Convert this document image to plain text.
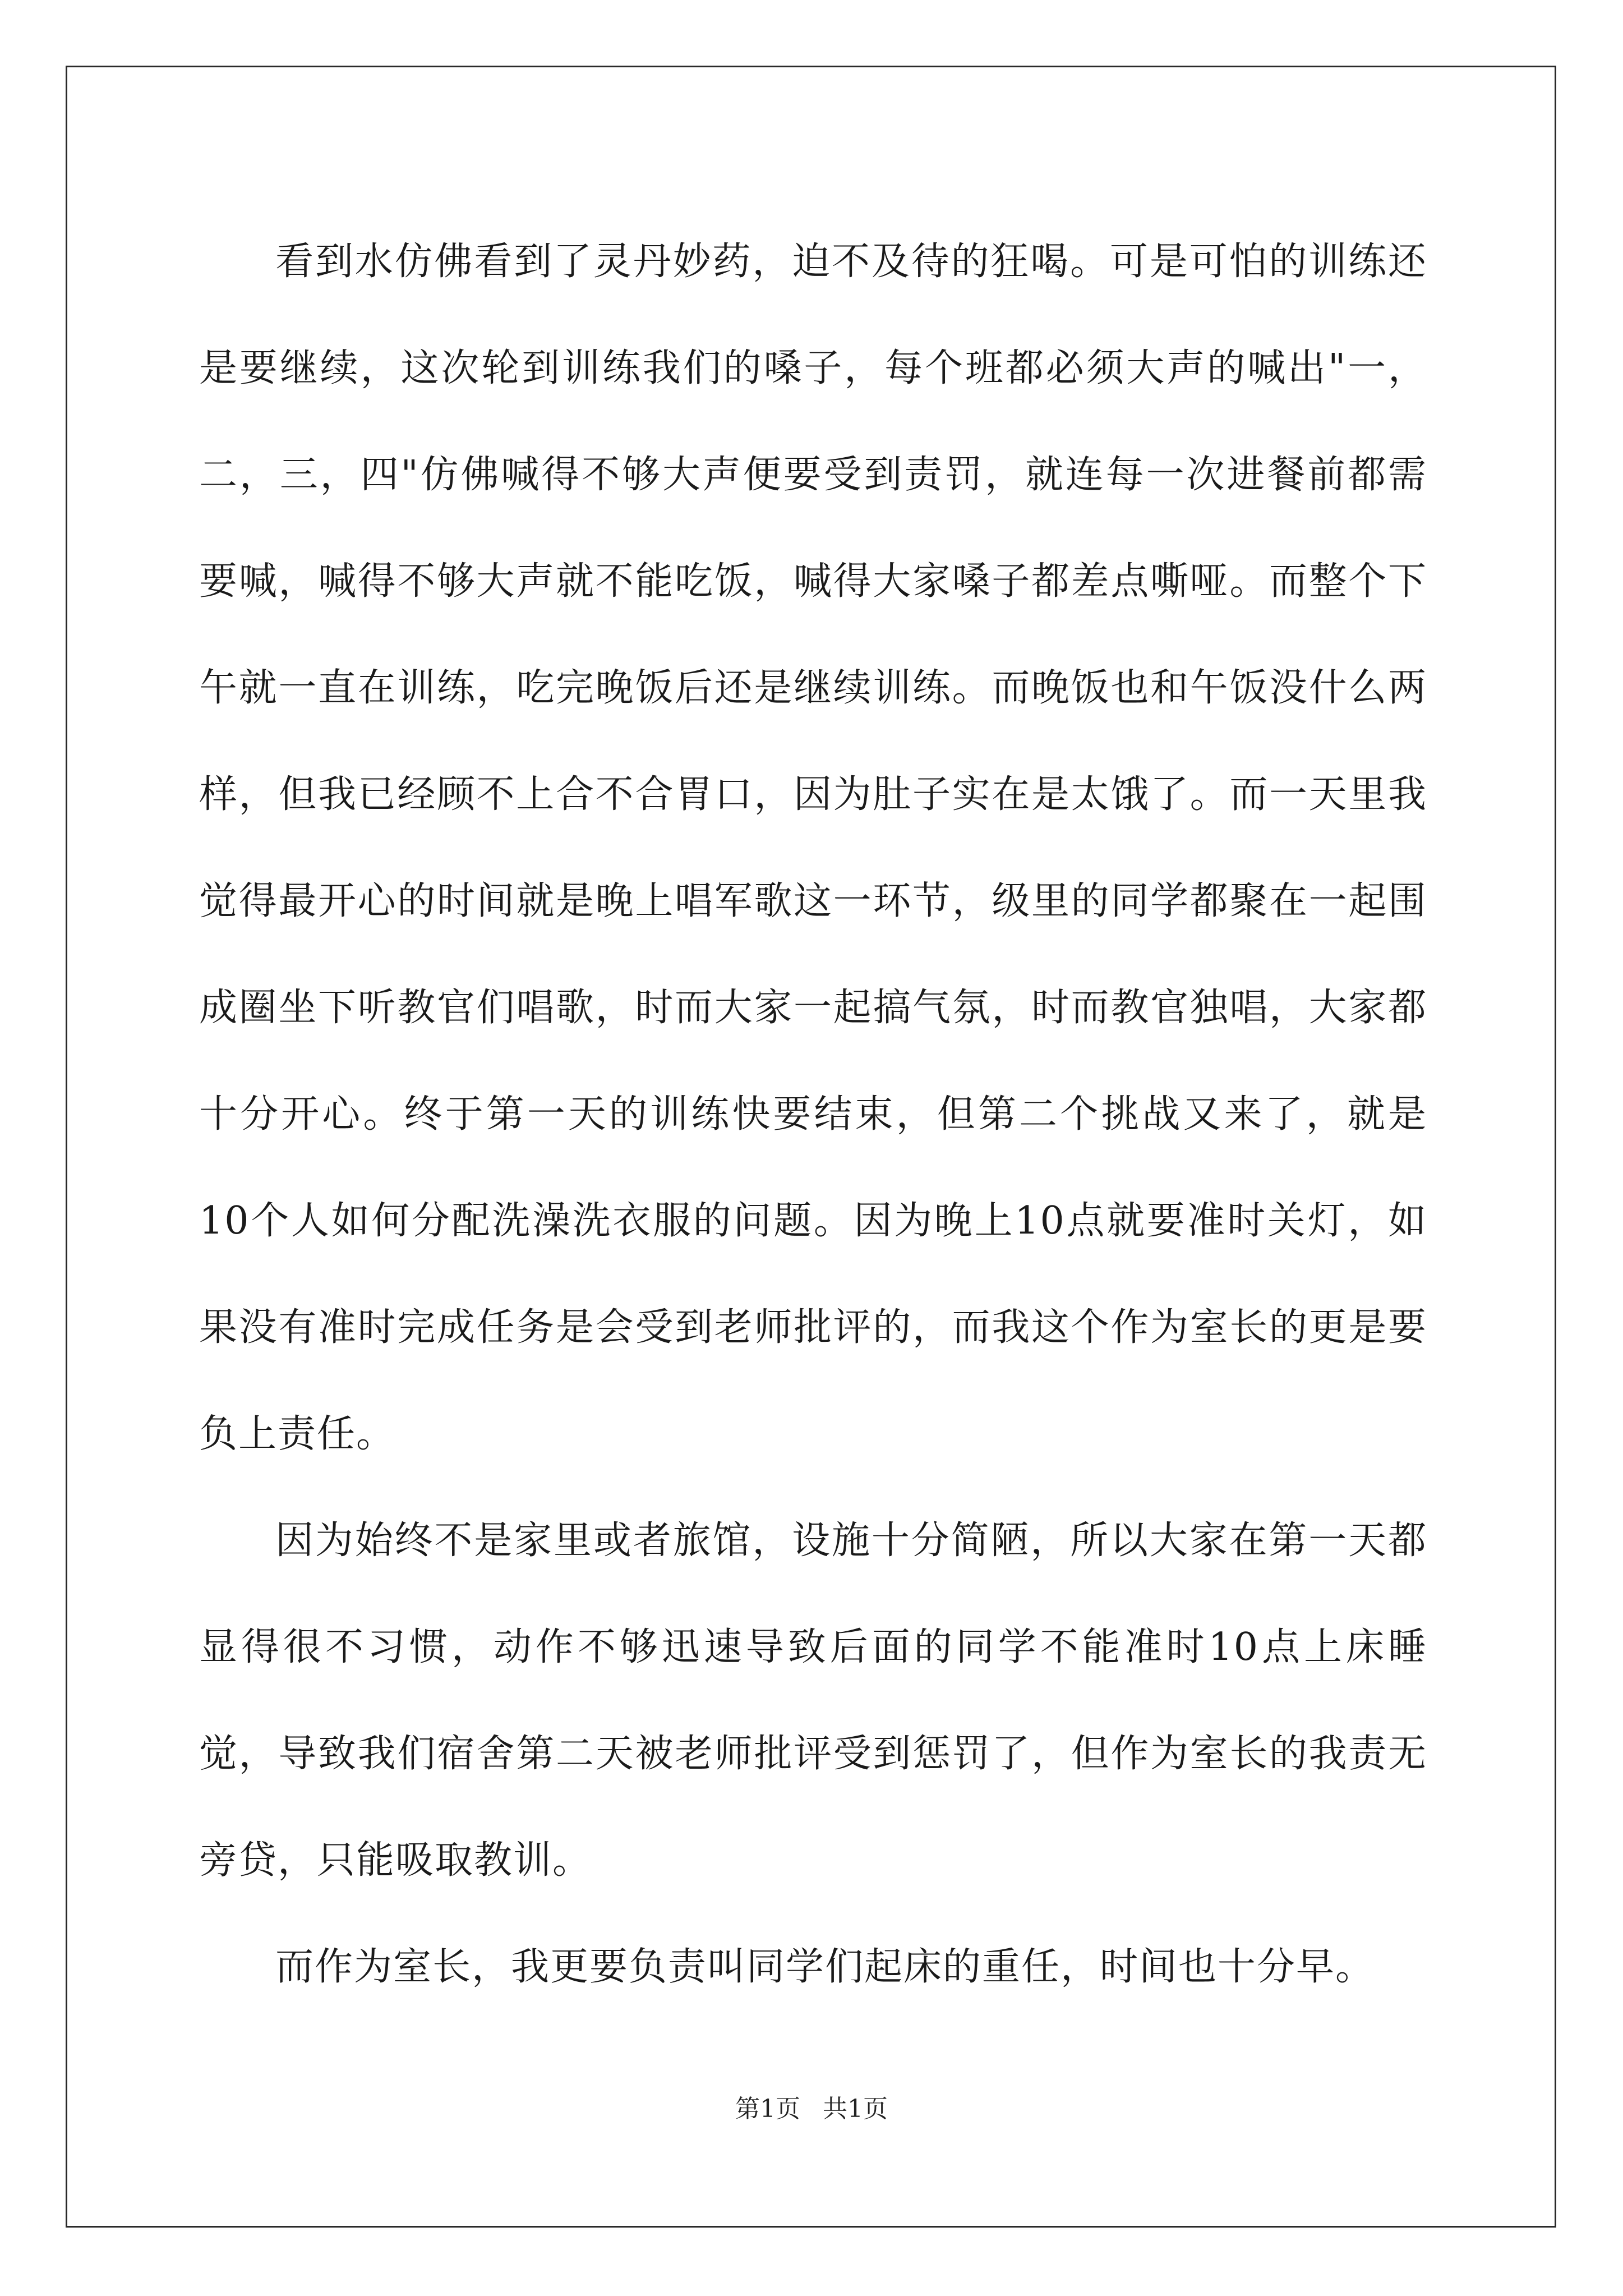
看到水仿佛看到了灵丹妙药，迫不及待的狂喝。可是可怕的训练还是要继续，这次轮到训练我们的嗓子，每个班都必须大声的喊出"一，二，三，四"仿佛喊得不够大声便要受到责罚，就连每一次进餐前都需要喊，喊得不够大声就不能吃饭，喊得大家嗓子都差点嘶哑。而整个下午就一直在训练，吃完晚饭后还是继续训练。而晚饭也和午饭没什么两样，但我已经顾不上合不合胃口，因为肚子实在是太饿了。而一天里我觉得最开心的时间就是晚上唱军歌这一环节，级里的同学都聚在一起围成圈坐下听教官们唱歌，时而大家一起搞气氛，时而教官独唱，大家都十分开心。终于第一天的训练快要结束，但第二个挑战又来了，就是10个人如何分配洗澡洗衣服的问题。因为晚上10点就要准时关灯，如果没有准时完成任务是会受到老师批评的，而我这个作为室长的更是要负上责任。

因为始终不是家里或者旅馆，设施十分简陋，所以大家在第一天都显得很不习惯，动作不够迅速导致后面的同学不能准时10点上床睡觉，导致我们宿舍第二天被老师批评受到惩罚了，但作为室长的我责无旁贷，只能吸取教训。

而作为室长，我更要负责叫同学们起床的重任，时间也十分早。

第1页 共1页
